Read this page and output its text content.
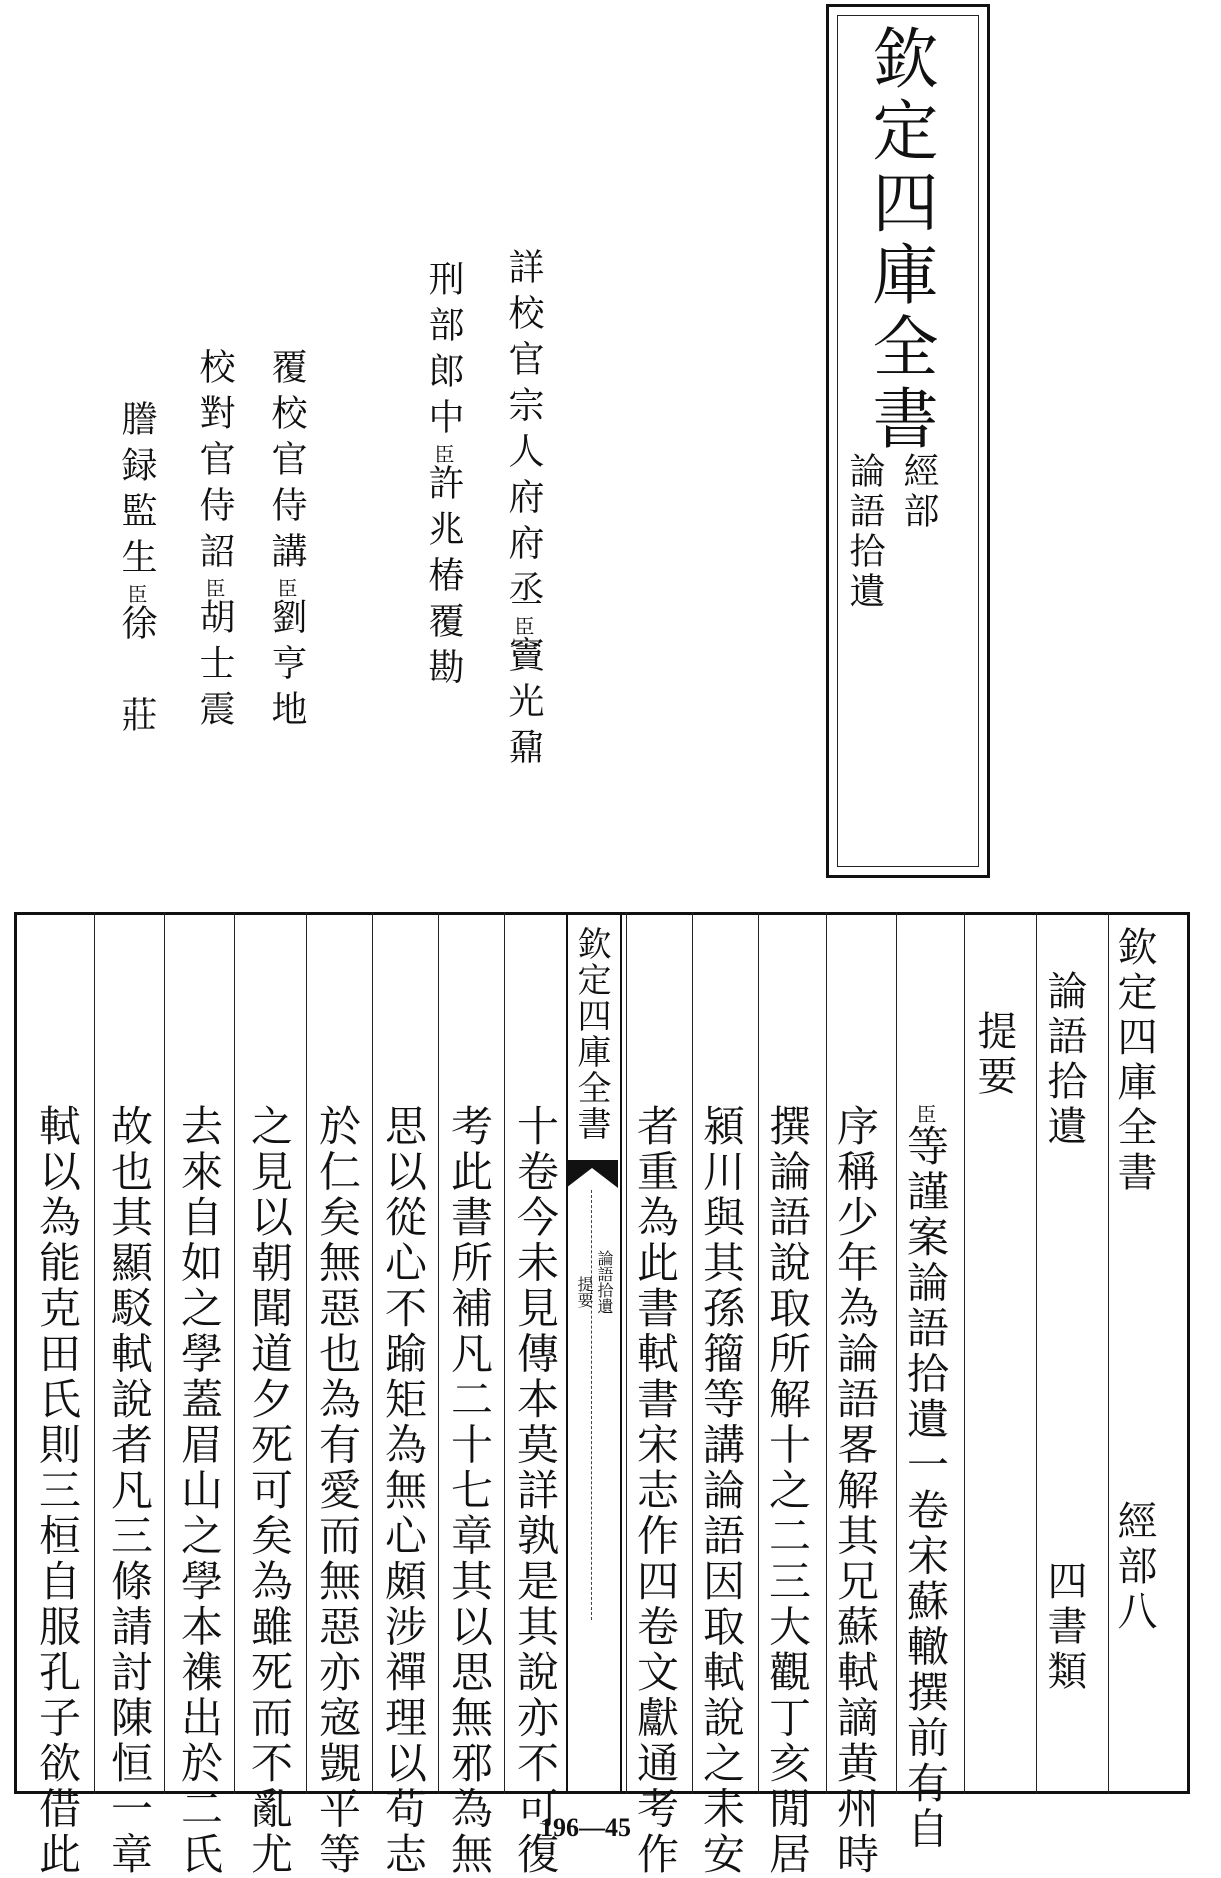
欽定四庫全書
經部
論語拾遺
詳校官宗人府府丞臣竇光鼐
刑部郎中臣許兆椿覆勘
覆校官侍講臣劉亨地
校對官侍詔臣胡士震
謄録監生臣徐　莊
欽定四庫全書
論語拾遺
提要
欽定四庫全書
經部八
論語拾遺
四書類
提要
臣等謹案論語拾遺一卷宋蘇轍撰前有自
序稱少年為論語畧解其兄蘇軾謫黄州時
撰論語說取所解十之二三大觀丁亥閒居
潁川與其孫籀等講論語因取軾說之未安
者重為此書軾書宋志作四卷文獻通考作
十卷今未見傳本莫詳孰是其說亦不可復
考此書所補凡二十七章其以思無邪為無
思以從心不踰矩為無心頗涉禪理以苟志
於仁矣無惡也為有愛而無惡亦宼覬平等
之見以朝聞道夕死可矣為雖死而不亂尤
去來自如之學蓋眉山之學本襍出於二氏
故也其顯駁軾說者凡三條請討陳恒一章
軾以為能克田氏則三桓自服孔子欲借此	196—45
